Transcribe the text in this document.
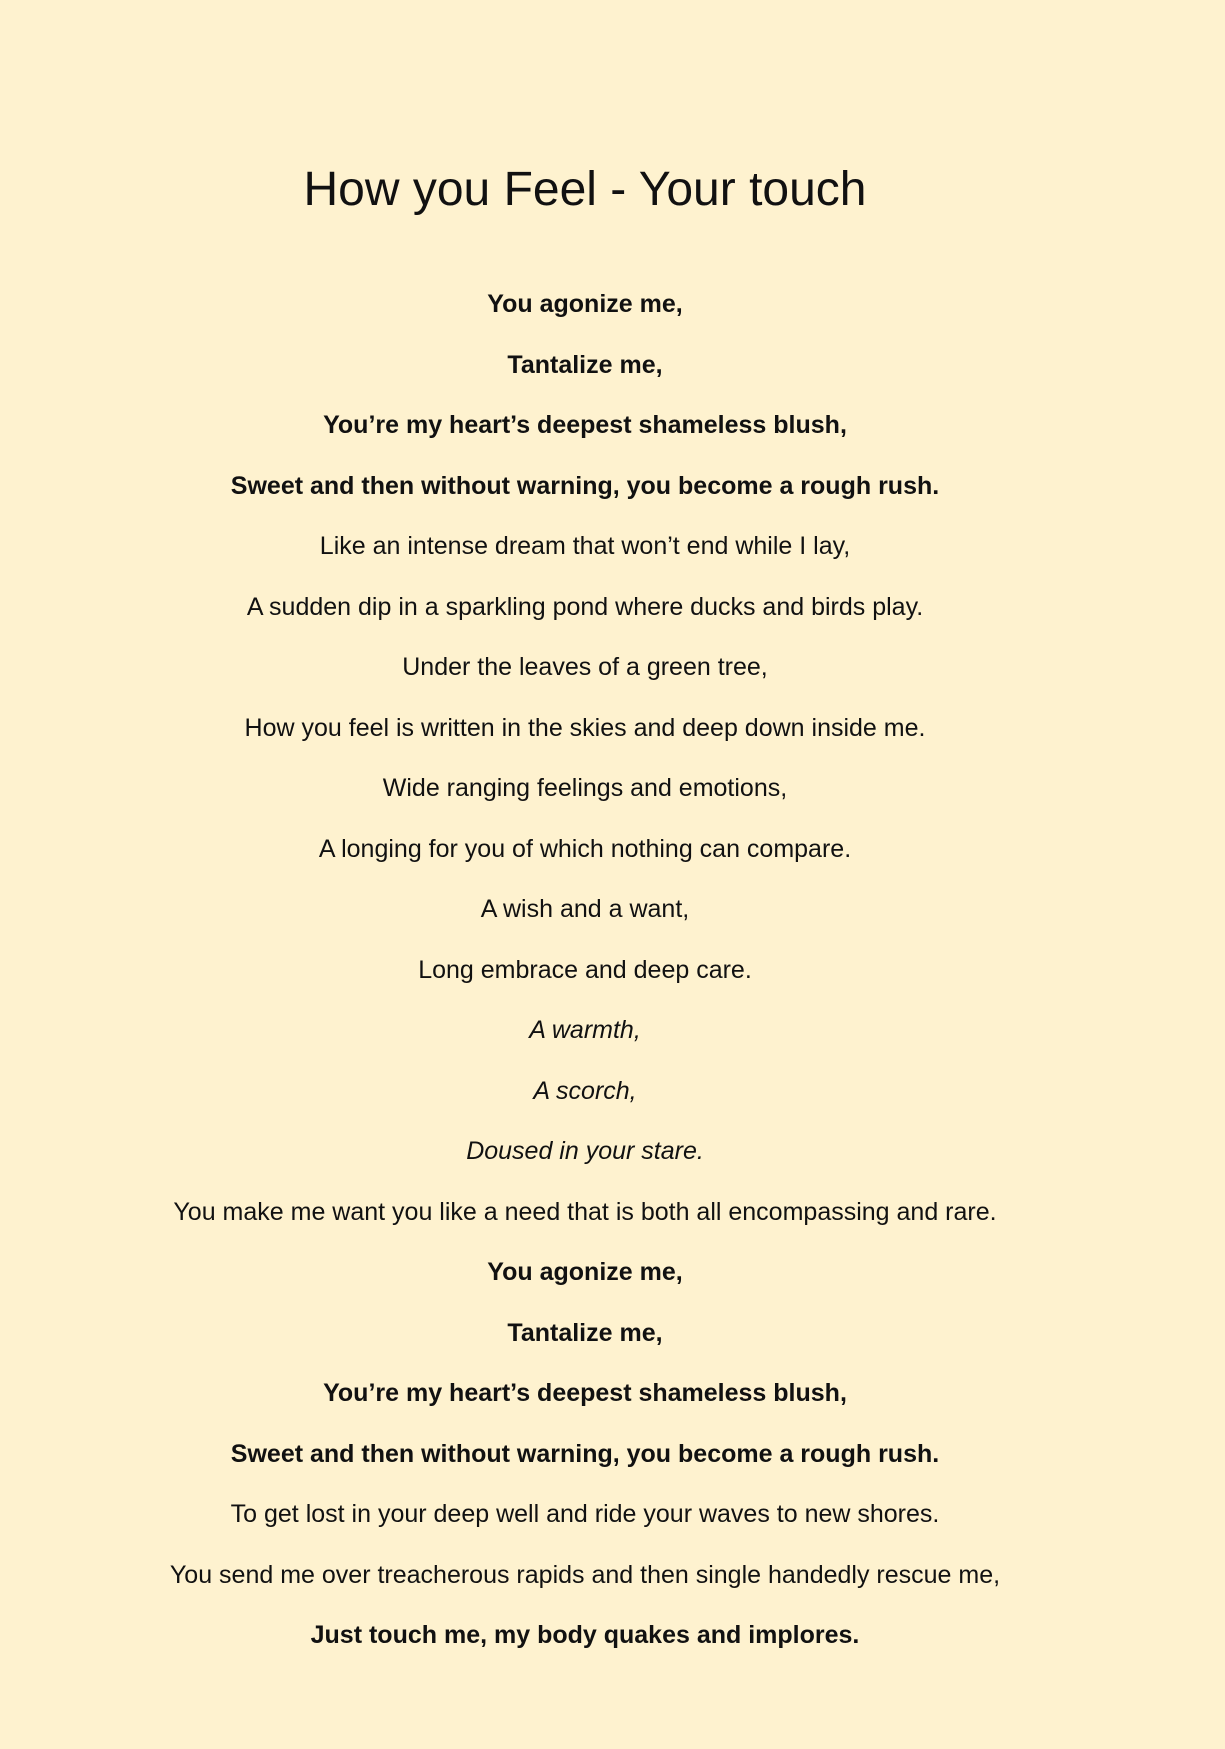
How you Feel - Your touch
You agonize me,
Tantalize me,
You’re my heart’s deepest shameless blush,
Sweet and then without warning, you become a rough rush.
Like an intense dream that won’t end while I lay,
A sudden dip in a sparkling pond where ducks and birds play.
Under the leaves of a green tree,
How you feel is written in the skies and deep down inside me.
Wide ranging feelings and emotions,
A longing for you of which nothing can compare.
A wish and a want,
Long embrace and deep care.
A warmth,
A scorch,
Doused in your stare.
You make me want you like a need that is both all encompassing and rare.
You agonize me,
Tantalize me,
You’re my heart’s deepest shameless blush,
Sweet and then without warning, you become a rough rush.
To get lost in your deep well and ride your waves to new shores.
You send me over treacherous rapids and then single handedly rescue me,
Just touch me, my body quakes and implores.
